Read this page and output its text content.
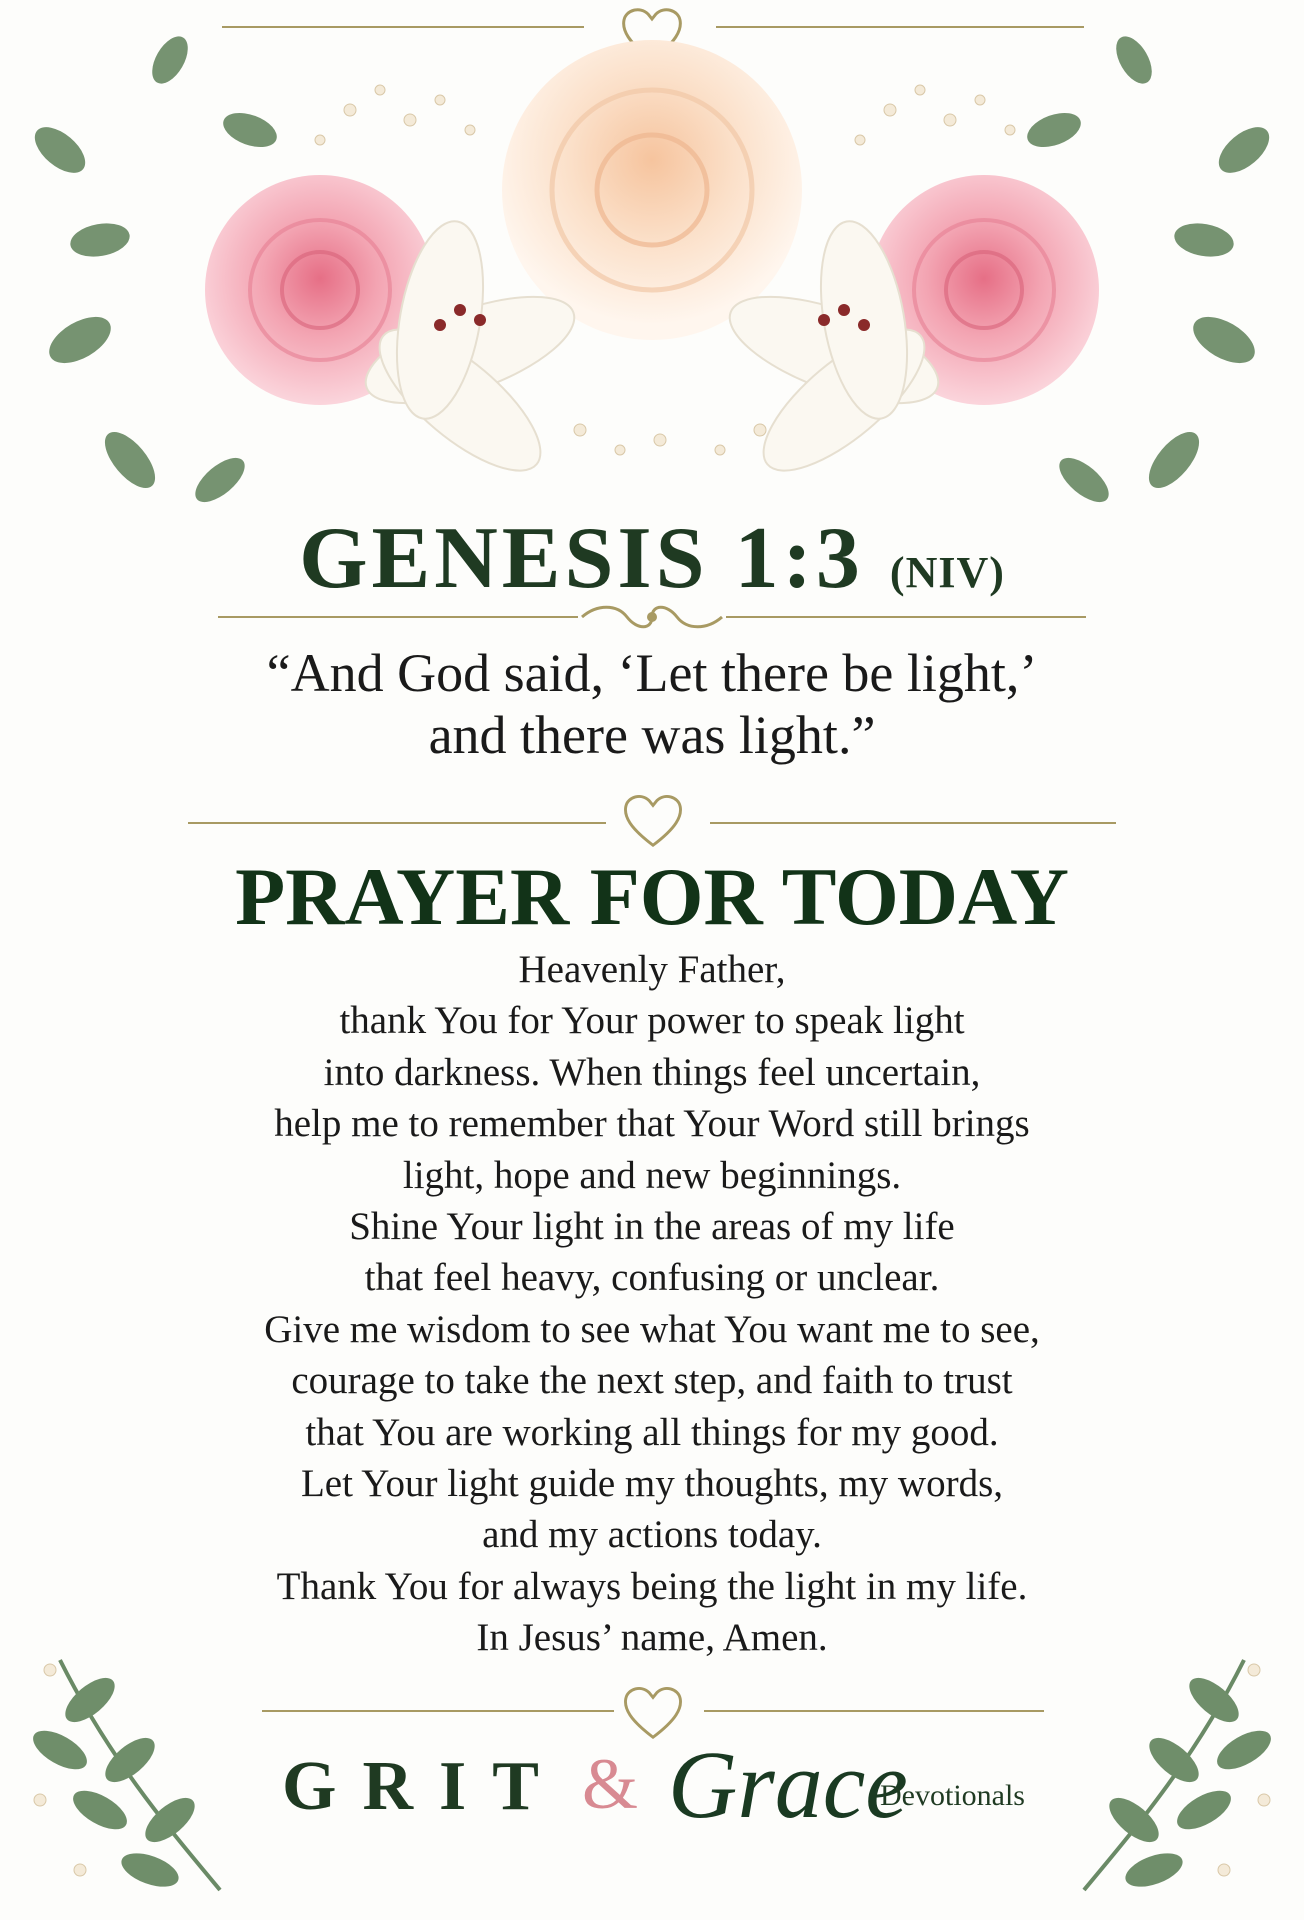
GENESIS 1:3 (NIV)
“And God said, ‘Let there be light,’
and there was light.”
PRAYER FOR TODAY
Heavenly Father,
thank You for Your power to speak light
into darkness. When things feel uncertain,
help me to remember that Your Word still brings
light, hope and new beginnings.
Shine Your light in the areas of my life
that feel heavy, confusing or unclear.
Give me wisdom to see what You want me to see,
courage to take the next step, and faith to trust
that You are working all things for my good.
Let Your light guide my thoughts, my words,
and my actions today.
Thank You for always being the light in my life.
In Jesus’ name, Amen.
GRIT & Grace
Devotionals
